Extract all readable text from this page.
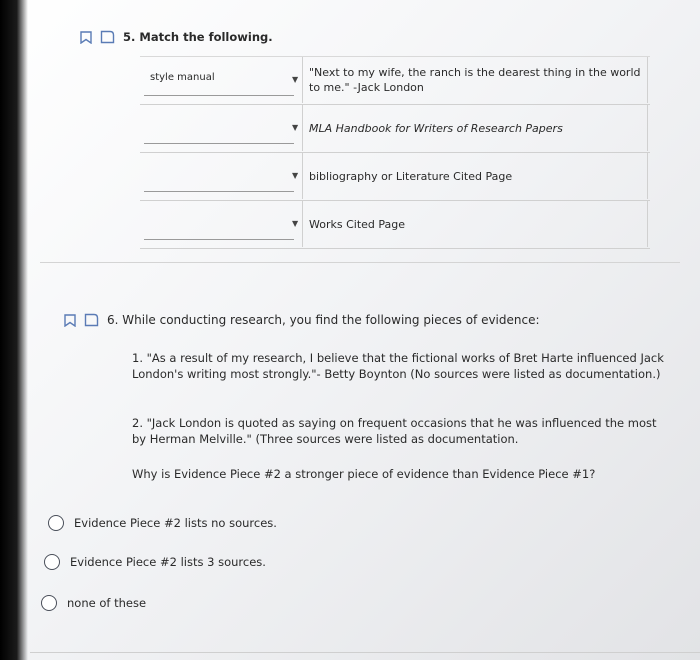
5. Match the following.
style manual	▼
"Next to my wife, the ranch is the dearest thing in the world to me." -Jack London
▼ MLA Handbook for Writers of Research Papers
▼ bibliography or Literature Cited Page
▼ Works Cited Page
6. While conducting research, you find the following pieces of evidence:
1. "As a result of my research, I believe that the fictional works of Bret Harte influenced Jack London's writing most strongly."- Betty Boynton (No sources were listed as documentation.)
2. "Jack London is quoted as saying on frequent occasions that he was influenced the most by Herman Melville." (Three sources were listed as documentation.
Why is Evidence Piece #2 a stronger piece of evidence than Evidence Piece #1?
Evidence Piece #2 lists no sources.
Evidence Piece #2 lists 3 sources.
none of these
